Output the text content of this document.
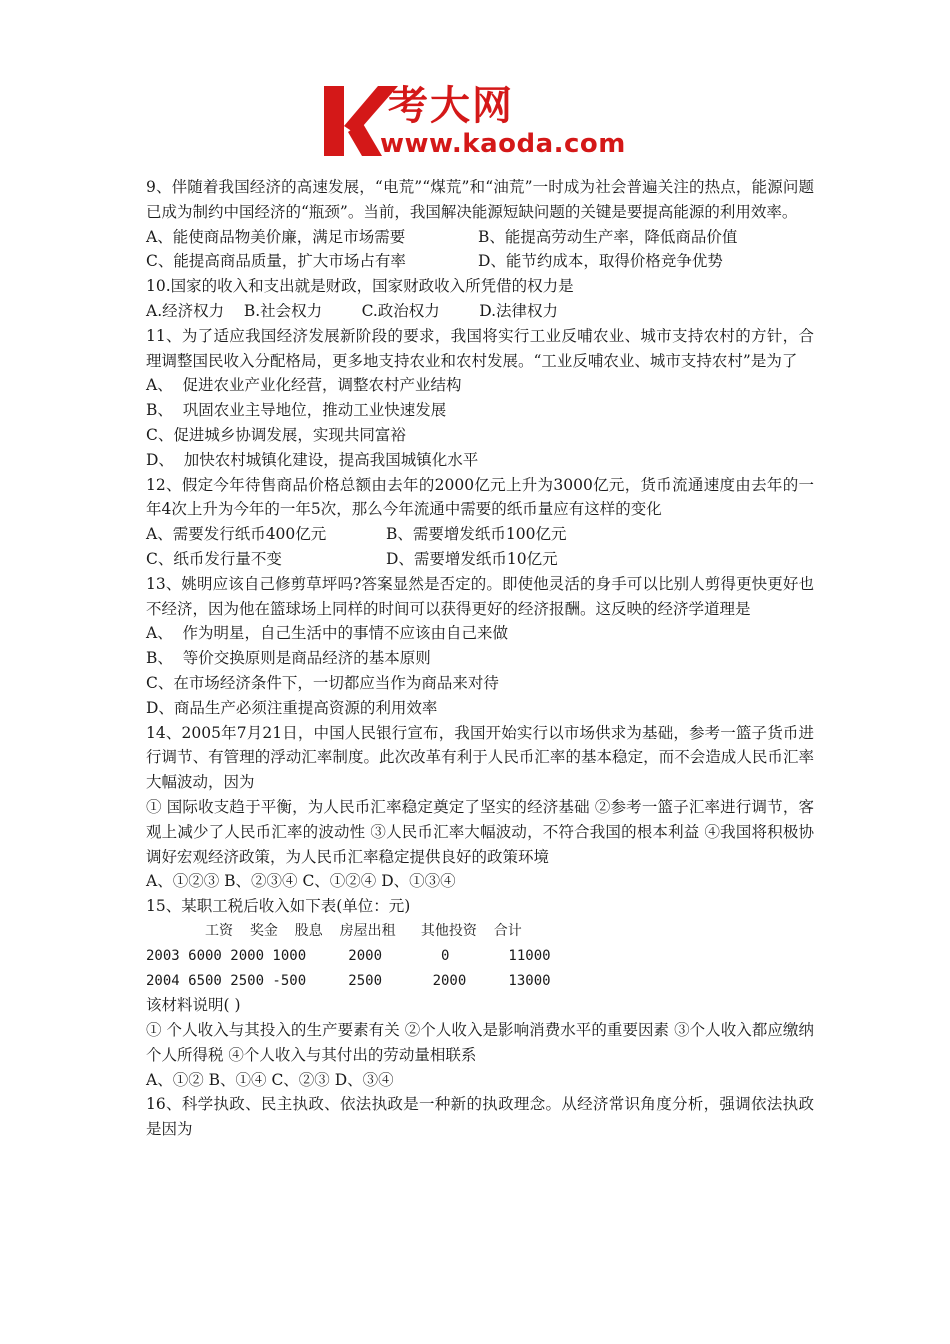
考大网
www.kaoda.com
9、伴随着我国经济的高速发展，“电荒”“煤荒”和“油荒”一时成为社会普遍关注的热点，能源问题已成为制约中国经济的“瓶颈”。当前，我国解决能源短缺问题的关键是要提高能源的利用效率。
A、能使商品物美价廉，满足市场需要	B、能提高劳动生产率，降低商品价值
C、能提高商品质量，扩大市场占有率	D、能节约成本，取得价格竞争优势
10.国家的收入和支出就是财政，国家财政收入所凭借的权力是
A.经济权力    B.社会权力        C.政治权力        D.法律权力
11、为了适应我国经济发展新阶段的要求，我国将实行工业反哺农业、城市支持农村的方针，合理调整国民收入分配格局，更多地支持农业和农村发展。“工业反哺农业、城市支持农村”是为了
A、  促进农业产业化经营，调整农村产业结构
B、  巩固农业主导地位，推动工业快速发展
C、促进城乡协调发展，实现共同富裕
D、  加快农村城镇化建设，提高我国城镇化水平
12、假定今年待售商品价格总额由去年的2000亿元上升为3000亿元，货币流通速度由去年的一年4次上升为今年的一年5次，那么今年流通中需要的纸币量应有这样的变化
A、需要发行纸币400亿元	B、需要增发纸币100亿元
C、纸币发行量不变	D、需要增发纸币10亿元
13、姚明应该自己修剪草坪吗?答案显然是否定的。即使他灵活的身手可以比别人剪得更快更好也不经济，因为他在篮球场上同样的时间可以获得更好的经济报酬。这反映的经济学道理是
A、  作为明星，自己生活中的事情不应该由自己来做
B、  等价交换原则是商品经济的基本原则
C、在市场经济条件下，一切都应当作为商品来对待
D、商品生产必须注重提高资源的利用效率
14、2005年7月21日，中国人民银行宣布，我国开始实行以市场供求为基础，参考一篮子货币进行调节、有管理的浮动汇率制度。此次改革有利于人民币汇率的基本稳定，而不会造成人民币汇率大幅波动，因为
① 国际收支趋于平衡，为人民币汇率稳定奠定了坚实的经济基础 ②参考一篮子汇率进行调节，客观上减少了人民币汇率的波动性 ③人民币汇率大幅波动，不符合我国的根本利益 ④我国将积极协调好宏观经济政策，为人民币汇率稳定提供良好的政策环境
A、①②③ B、②③④ C、①②④ D、①③④
15、某职工税后收入如下表(单位：元)
工资  奖金  股息  房屋出租   其他投资  合计
2003 6000 2000 1000     2000       0       11000
2004 6500 2500 -500     2500      2000     13000
该材料说明( )
① 个人收入与其投入的生产要素有关 ②个人收入是影响消费水平的重要因素 ③个人收入都应缴纳个人所得税 ④个人收入与其付出的劳动量相联系
A、①② B、①④ C、②③ D、③④
16、科学执政、民主执政、依法执政是一种新的执政理念。从经济常识角度分析，强调依法执政是因为
